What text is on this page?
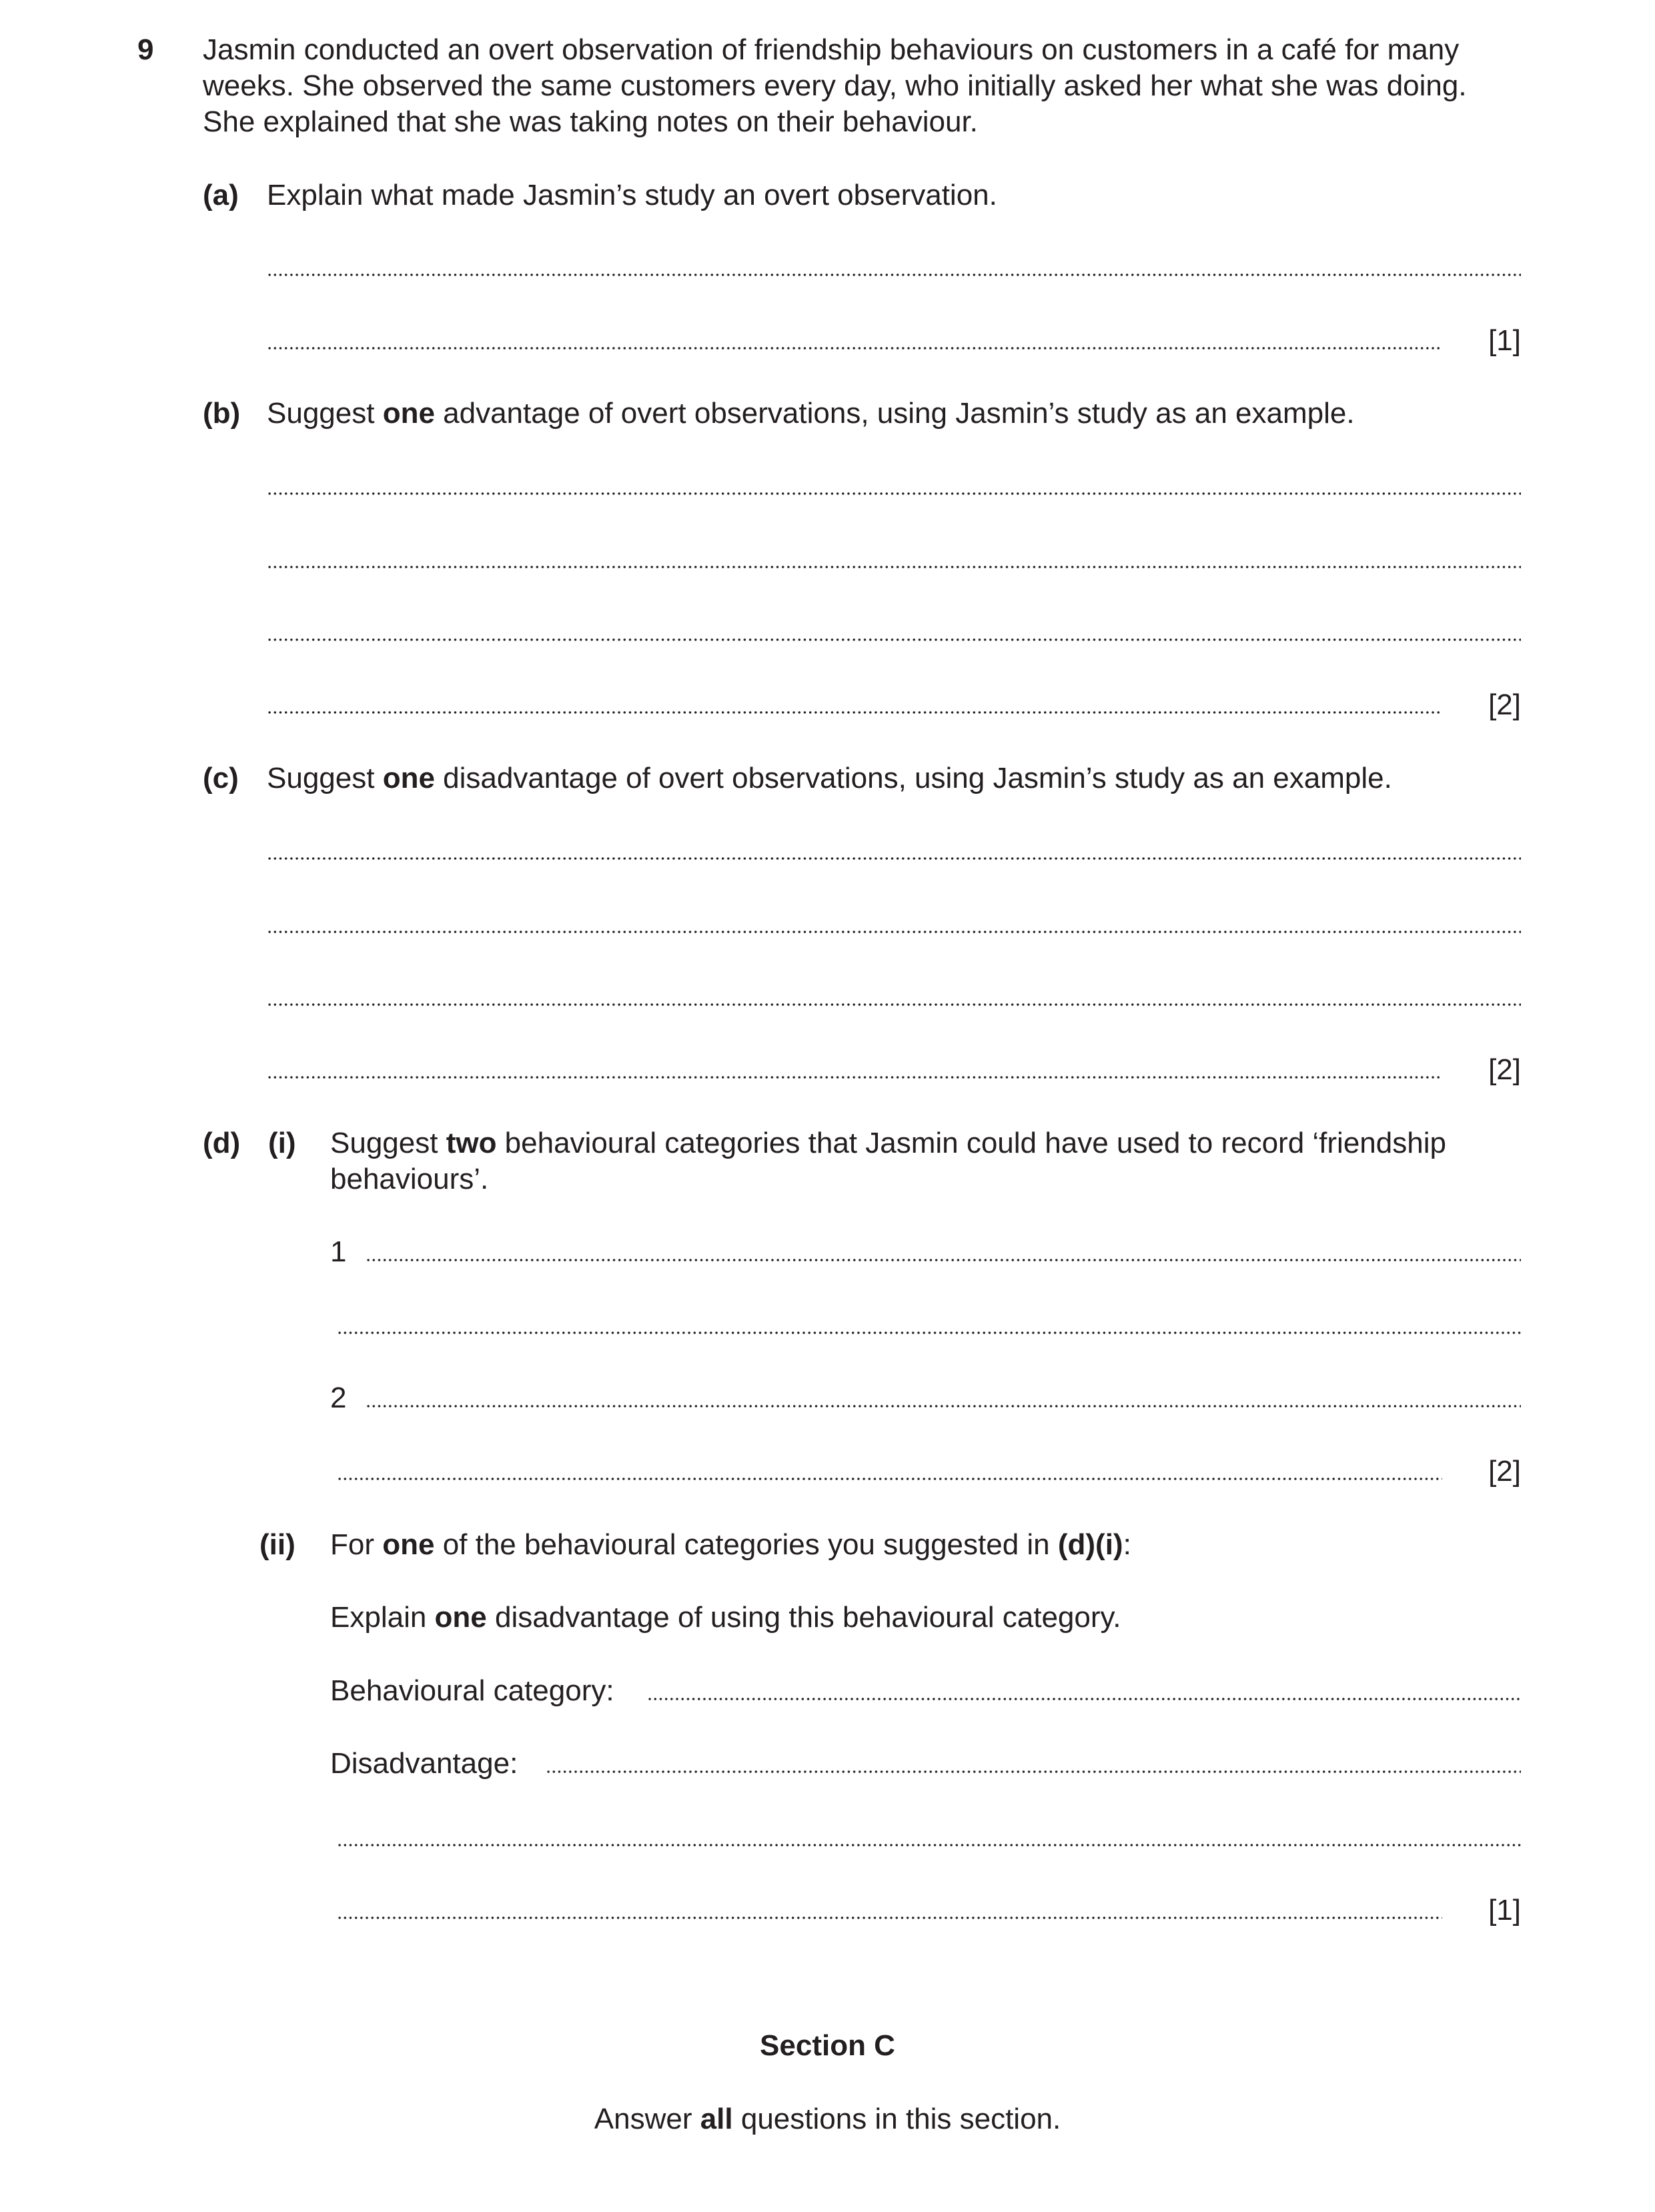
9 Jasmin conducted an overt observation of friendship behaviours on customers in a café for many
weeks. She observed the same customers every day, who initially asked her what she was doing.
She explained that she was taking notes on their behaviour.
(a) Explain what made Jasmin’s study an overt observation.
[1]
(b) Suggest one advantage of overt observations, using Jasmin’s study as an example.
[2]
(c) Suggest one disadvantage of overt observations, using Jasmin’s study as an example.
[2]
(d) (i) Suggest two behavioural categories that Jasmin could have used to record ‘friendship
behaviours’.
1
2
[2]
(ii) For one of the behavioural categories you suggested in (d)(i):
Explain one disadvantage of using this behavioural category.
Behavioural category:
Disadvantage:
[1]
Section C
Answer all questions in this section.
